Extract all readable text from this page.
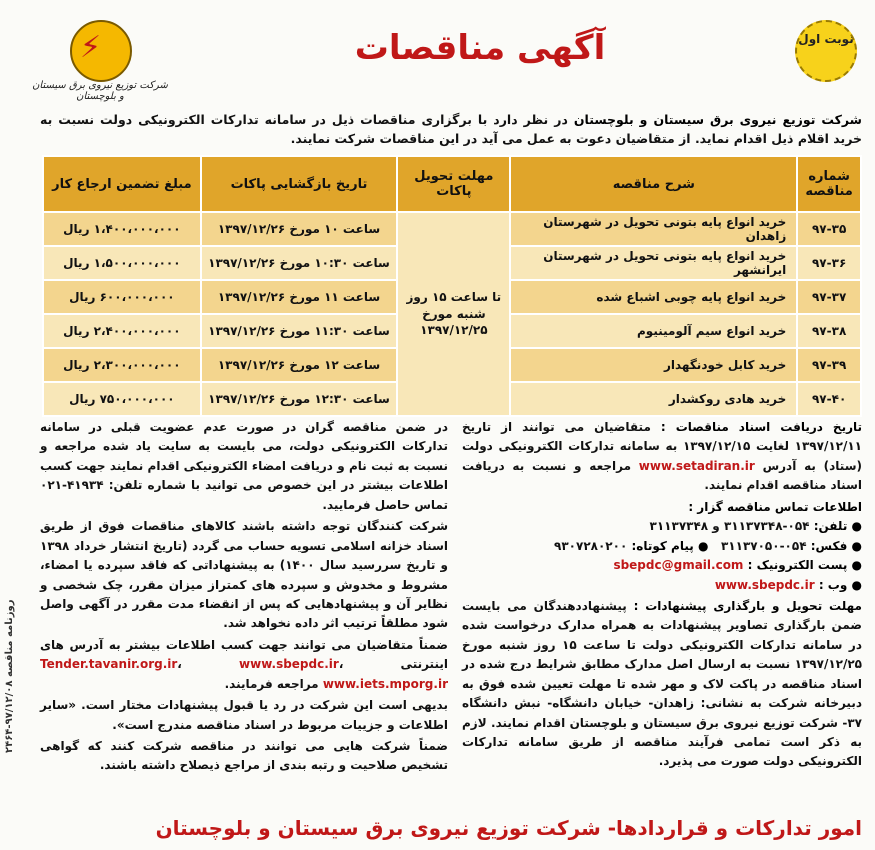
⚡
شرکت توزیع نیروی برق سیستان و بلوچستان
آگهی مناقصات	نوبت اول
شرکت توزیع نیروی برق سیستان و بلوچستان در نظر دارد با برگزاری مناقصات ذیل در سامانه تدارکات الکترونیکی دولت نسبت به خرید اقلام ذیل اقدام نماید. از متقاضیان دعوت به عمل می آید در این مناقصات شرکت نمایند.
شماره مناقصه	شرح مناقصه	مهلت تحویل پاکات	تاریخ بازگشایی پاکات	مبلغ تضمین ارجاع کار
۹۷-۳۵	خرید انواع پایه بتونی تحویل در شهرستان زاهدان	تا ساعت ۱۵ روز شنبه مورخ ۱۳۹۷/۱۲/۲۵	ساعت ۱۰ مورخ ۱۳۹۷/۱۲/۲۶	۱،۴۰۰،۰۰۰،۰۰۰ ریال
۹۷-۳۶	خرید انواع پایه بتونی تحویل در شهرستان ایرانشهر		ساعت ۱۰:۳۰ مورخ ۱۳۹۷/۱۲/۲۶	۱،۵۰۰،۰۰۰،۰۰۰ ریال
۹۷-۳۷	خرید انواع پایه چوبی اشباع شده		ساعت ۱۱ مورخ ۱۳۹۷/۱۲/۲۶	۶۰۰،۰۰۰،۰۰۰ ریال
۹۷-۳۸	خرید انواع سیم آلومینیوم		ساعت ۱۱:۳۰ مورخ ۱۳۹۷/۱۲/۲۶	۲،۴۰۰،۰۰۰،۰۰۰ ریال
۹۷-۳۹	خرید کابل خودنگهدار		ساعت ۱۲ مورخ ۱۳۹۷/۱۲/۲۶	۲،۳۰۰،۰۰۰،۰۰۰ ریال
۹۷-۴۰	خرید هادی روکشدار		ساعت ۱۲:۳۰ مورخ ۱۳۹۷/۱۲/۲۶	۷۵۰،۰۰۰،۰۰۰ ریال

تاریخ دریافت اسناد مناقصات : متقاضیان می توانند از تاریخ ۱۳۹۷/۱۲/۱۱ لغایت ۱۳۹۷/۱۲/۱۵ به سامانه تدارکات الکترونیکی دولت (ستاد) به آدرس www.setadiran.ir مراجعه و نسبت به دریافت اسناد مناقصه اقدام نمایند.

اطلاعات تماس مناقصه گزار :
● تلفن: ۰۵۴-۳۱۱۳۷۳۴۸ و ۳۱۱۳۷۳۴۸
● فکس: ۰۵۴-۳۱۱۳۷۰۵۰   ● پیام کوتاه: ۹۳۰۷۲۸۰۲۰۰
● پست الکترونیک : sbepdc@gmail.com
● وب : www.sbepdc.ir

مهلت تحویل و بارگذاری پیشنهادات : پیشنهاددهندگان می بایست ضمن بارگذاری تصاویر پیشنهادات به همراه مدارک درخواست شده در سامانه تدارکات الکترونیکی دولت تا ساعت ۱۵ روز شنبه مورخ ۱۳۹۷/۱۲/۲۵ نسبت به ارسال اصل مدارک مطابق شرایط درج شده در اسناد مناقصه در پاکت لاک و مهر شده تا مهلت تعیین شده فوق به دبیرخانه شرکت به نشانی: زاهدان- خیابان دانشگاه- نبش دانشگاه ۳۷- شرکت توزیع نیروی برق سیستان و بلوچستان اقدام نمایند. لازم به ذکر است تمامی فرآیند مناقصه از طریق سامانه تدارکات الکترونیکی دولت صورت می پذیرد.

در ضمن مناقصه گران در صورت عدم عضویت قبلی در سامانه تدارکات الکترونیکی دولت، می بایست به سایت یاد شده مراجعه و نسبت به ثبت نام و دریافت امضاء الکترونیکی اقدام نمایند جهت کسب اطلاعات بیشتر در این خصوص می توانید با شماره تلفن: ۴۱۹۳۴-۰۲۱ تماس حاصل فرمایید.

شرکت کنندگان توجه داشته باشند کالاهای مناقصات فوق از طریق اسناد خزانه اسلامی تسویه حساب می گردد (تاریخ انتشار خرداد ۱۳۹۸ و تاریخ سررسید سال ۱۴۰۰) به پیشنهاداتی که فاقد سپرده یا امضاء، مشروط و مخدوش و سپرده های کمتراز میزان مقرر، چک شخصی و نظایر آن و پیشنهادهایی که پس از انقضاء مدت مقرر در آگهی واصل شود مطلقاً ترتیب اثر داده نخواهد شد.

ضمناً متقاضیان می توانند جهت کسب اطلاعات بیشتر به آدرس های اینترنتی Tender.tavanir.org.ir، www.sbepdc.ir، www.iets.mporg.ir مراجعه فرمایند.

بدیهی است این شرکت در رد یا قبول پیشنهادات مختار است. «سایر اطلاعات و جزییات مربوط در اسناد مناقصه مندرج است».

ضمناً شرکت هایی می توانند در مناقصه شرکت کنند که گواهی تشخیص صلاحیت و رتبه بندی از مراجع ذیصلاح داشته باشند.

امور تدارکات و قراردادها- شرکت توزیع نیروی برق سیستان و بلوچستان
روزنامه مناقصه ۹۷/۱۲/۰۸-۲۴۶۴
